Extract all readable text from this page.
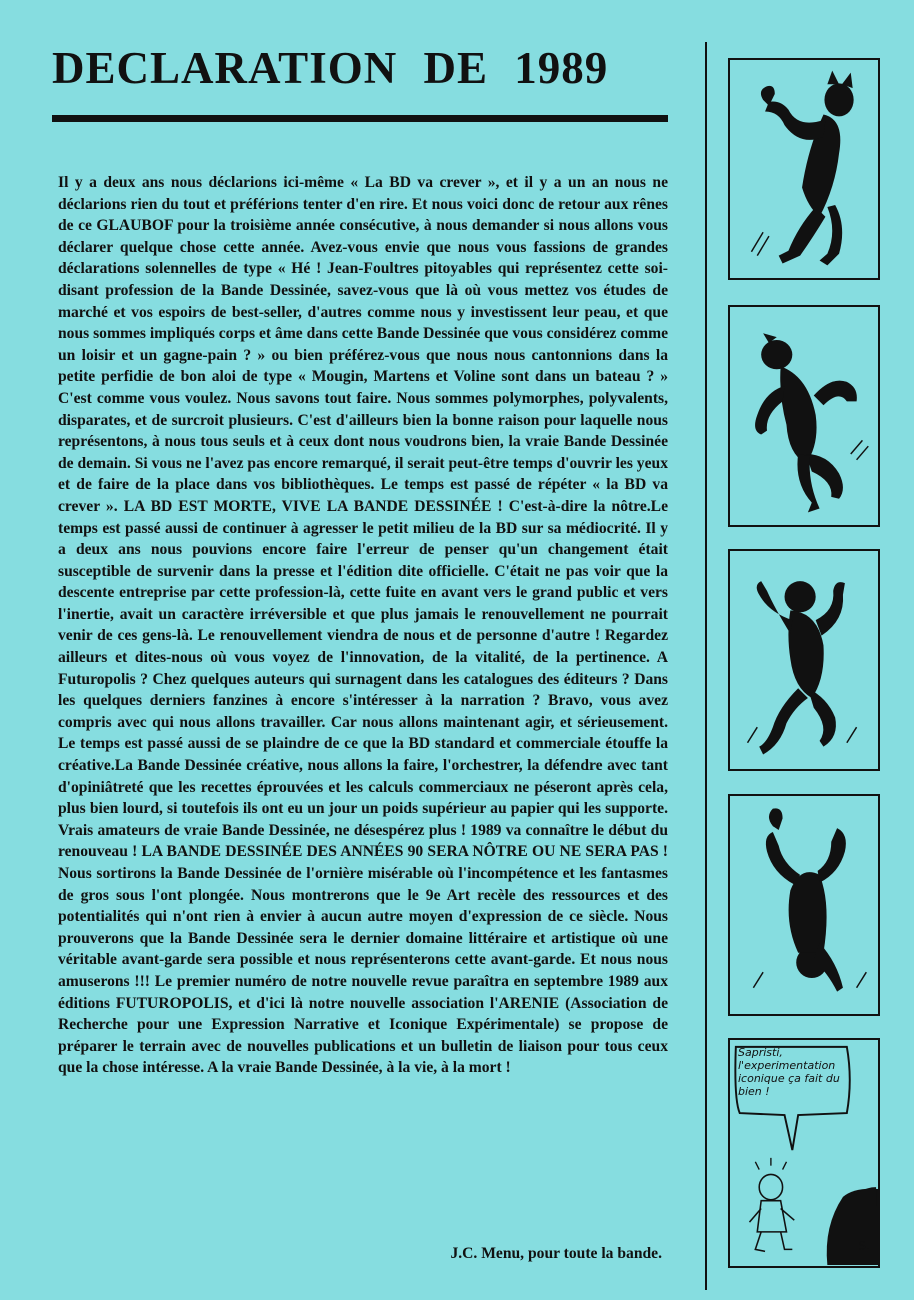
DECLARATION DE 1989

Il y a deux ans nous déclarions ici-même « La BD va crever », et il y a un an nous ne déclarions rien du tout et préférions tenter d'en rire. Et nous voici donc de retour aux rênes de ce GLAUBOF pour la troisième année consécutive, à nous demander si nous allons vous déclarer quelque chose cette année. Avez-vous envie que nous vous fassions de grandes déclarations solennelles de type « Hé ! Jean-Foultres pitoyables qui représentez cette soi-disant profession de la Bande Dessinée, savez-vous que là où vous mettez vos études de marché et vos espoirs de best-seller, d'autres comme nous y investissent leur peau, et que nous sommes impliqués corps et âme dans cette Bande Dessinée que vous considérez comme un loisir et un gagne-pain ? » ou bien préférez-vous que nous nous cantonnions dans la petite perfidie de bon aloi de type « Mougin, Martens et Voline sont dans un bateau ? » C'est comme vous voulez. Nous savons tout faire. Nous sommes polymorphes, polyvalents, disparates, et de surcroit plusieurs. C'est d'ailleurs bien la bonne raison pour laquelle nous représentons, à nous tous seuls et à ceux dont nous voudrons bien, la vraie Bande Dessinée de demain. Si vous ne l'avez pas encore remarqué, il serait peut-être temps d'ouvrir les yeux et de faire de la place dans vos bibliothèques. Le temps est passé de répéter « la BD va crever ». LA BD EST MORTE, VIVE LA BANDE DESSINÉE ! C'est-à-dire la nôtre.Le temps est passé aussi de continuer à agresser le petit milieu de la BD sur sa médiocrité. Il y a deux ans nous pouvions encore faire l'erreur de penser qu'un changement était susceptible de survenir dans la presse et l'édition dite officielle. C'était ne pas voir que la descente entreprise par cette profession-là, cette fuite en avant vers le grand public et vers l'inertie, avait un caractère irréversible et que plus jamais le renouvellement ne pourrait venir de ces gens-là. Le renouvellement viendra de nous et de personne d'autre ! Regardez ailleurs et dites-nous où vous voyez de l'innovation, de la vitalité, de la pertinence. A Futuropolis ? Chez quelques auteurs qui surnagent dans les catalogues des éditeurs ? Dans les quelques derniers fanzines à encore s'intéresser à la narration ? Bravo, vous avez compris avec qui nous allons travailler. Car nous allons maintenant agir, et sérieusement. Le temps est passé aussi de se plaindre de ce que la BD standard et commerciale étouffe la créative.La Bande Dessinée créative, nous allons la faire, l'orchestrer, la défendre avec tant d'opiniâtreté que les recettes éprouvées et les calculs commerciaux ne péseront après cela, plus bien lourd, si toutefois ils ont eu un jour un poids supérieur au papier qui les supporte. Vrais amateurs de vraie Bande Dessinée, ne désespérez plus ! 1989 va connaître le début du renouveau ! LA BANDE DESSINÉE DES ANNÉES 90 SERA NÔTRE OU NE SERA PAS ! Nous sortirons la Bande Dessinée de l'ornière misérable où l'incompétence et les fantasmes de gros sous l'ont plongée. Nous montrerons que le 9e Art recèle des ressources et des potentialités qui n'ont rien à envier à aucun autre moyen d'expression de ce siècle. Nous prouverons que la Bande Dessinée sera le dernier domaine littéraire et artistique où une véritable avant-garde sera possible et nous représenterons cette avant-garde. Et nous nous amuserons !!! Le premier numéro de notre nouvelle revue paraîtra en septembre 1989 aux éditions FUTUROPOLIS, et d'ici là notre nouvelle association l'ARENIE (Association de Recherche pour une Expression Narrative et Iconique Expérimentale) se propose de préparer le terrain avec de nouvelles publications et un bulletin de liaison pour tous ceux que la chose intéresse. A la vraie Bande Dessinée, à la vie, à la mort !

J.C. Menu, pour toute la bande.	S.
Sapristi, l'experimentation iconique ça fait du bien !
